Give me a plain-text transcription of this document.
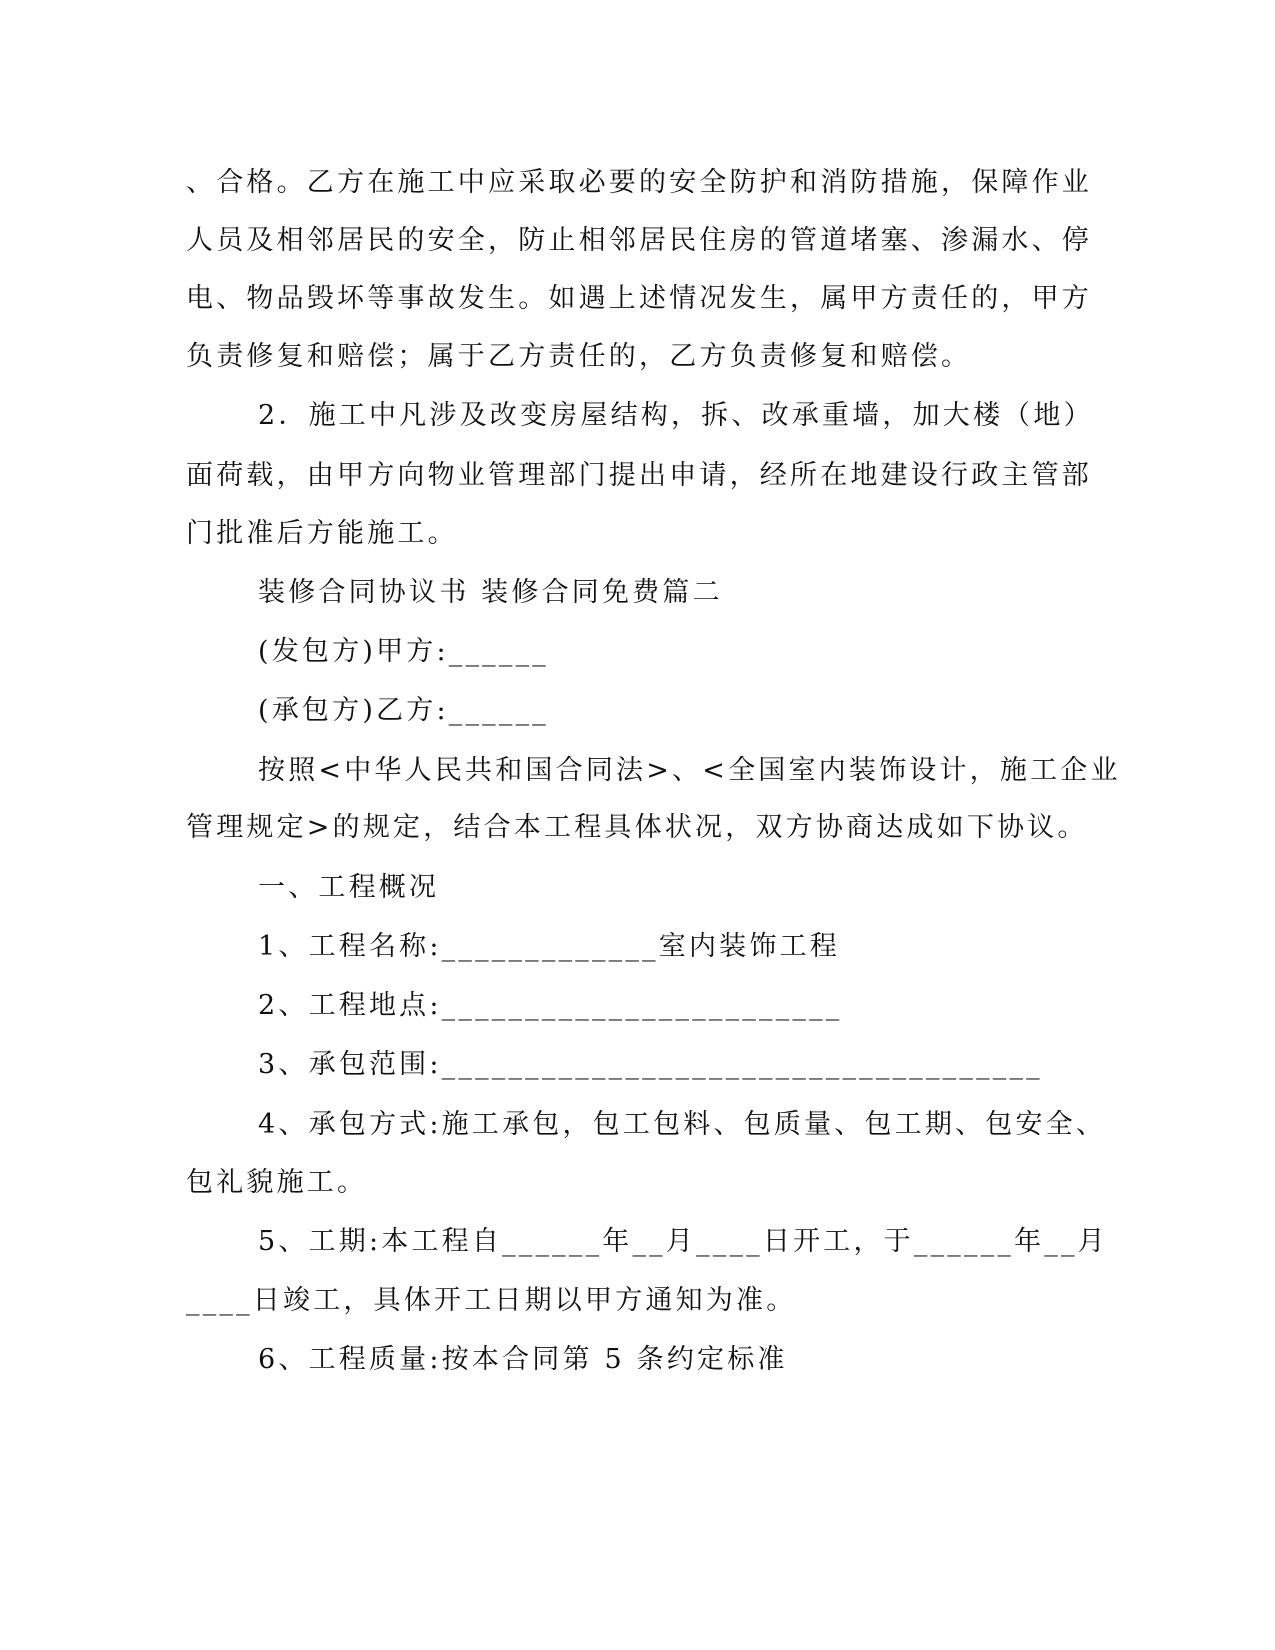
、合格。乙方在施工中应采取必要的安全防护和消防措施，保障作业

人员及相邻居民的安全，防止相邻居民住房的管道堵塞、渗漏水、停

电、物品毁坏等事故发生。如遇上述情况发生，属甲方责任的，甲方

负责修复和赔偿；属于乙方责任的，乙方负责修复和赔偿。

2．施工中凡涉及改变房屋结构，拆、改承重墙，加大楼（地）

面荷载，由甲方向物业管理部门提出申请，经所在地建设行政主管部

门批准后方能施工。

装修合同协议书 装修合同免费篇二

(发包方)甲方:______

(承包方)乙方:______

按照<中华人民共和国合同法>、<全国室内装饰设计，施工企业

管理规定>的规定，结合本工程具体状况，双方协商达成如下协议。

一、工程概况

1、工程名称:_____________室内装饰工程

2、工程地点:________________________

3、承包范围:____________________________________

4、承包方式:施工承包，包工包料、包质量、包工期、包安全、

包礼貌施工。

5、工期:本工程自______年__月____日开工，于______年__月

____日竣工，具体开工日期以甲方通知为准。

6、工程质量:按本合同第 5 条约定标准
